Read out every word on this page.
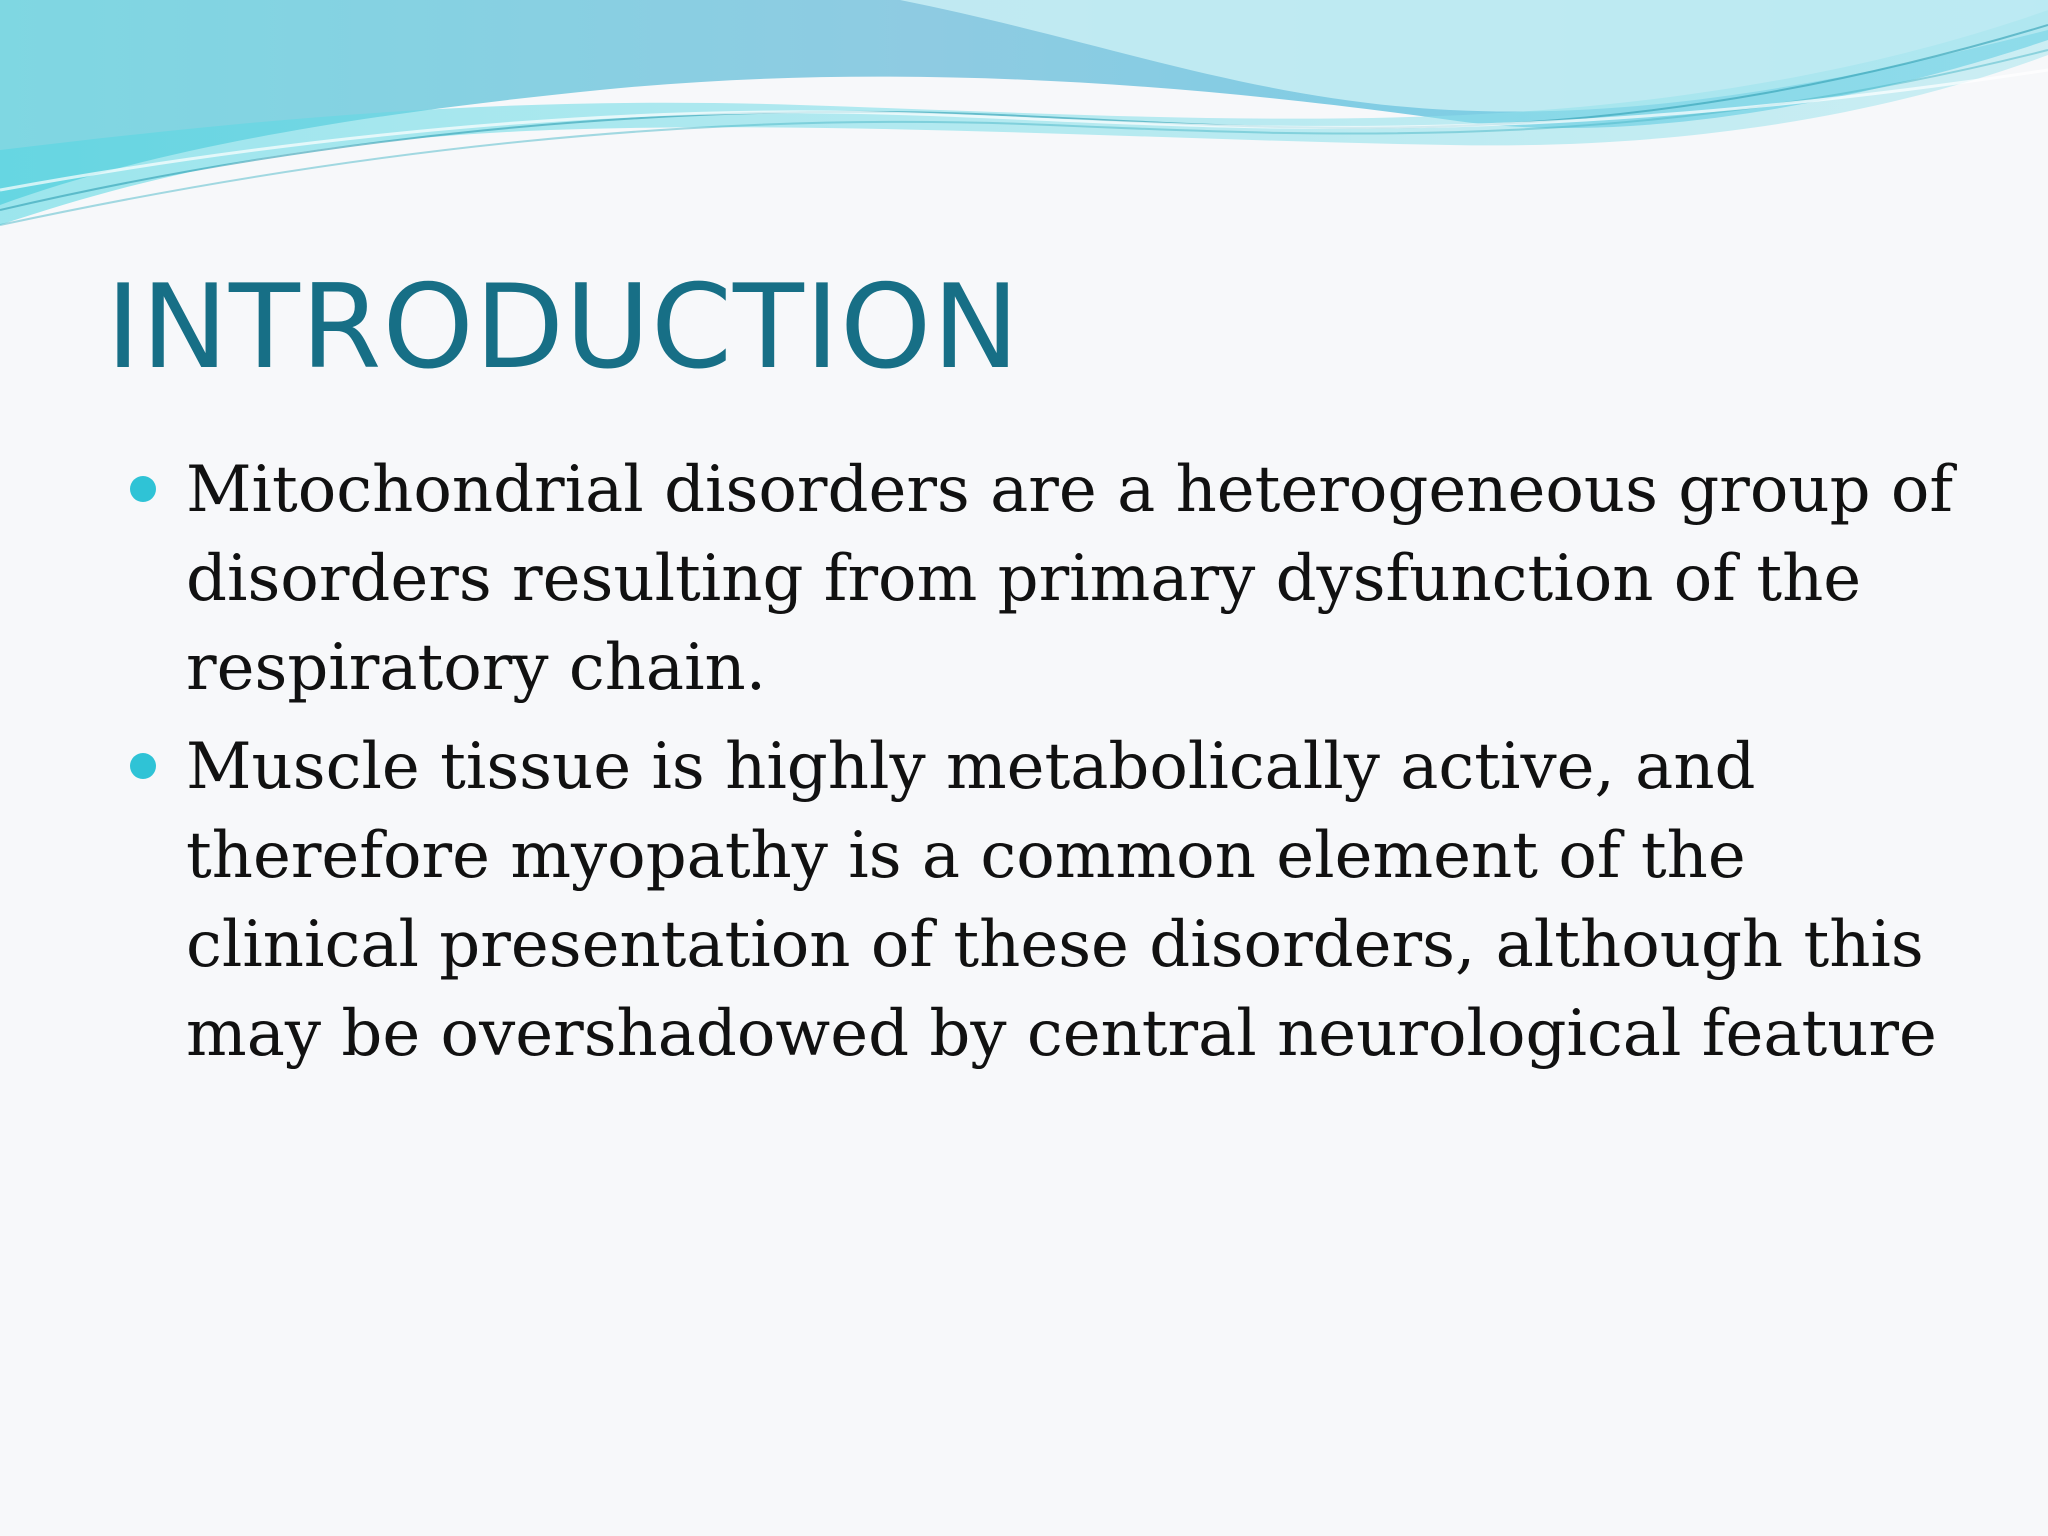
INTRODUCTION
Mitochondrial disorders are a heterogeneous group of disorders resulting from primary dysfunction of the respiratory chain.
Muscle tissue is highly metabolically active, and therefore myopathy is a common element of the clinical presentation of these disorders, although this may be overshadowed by central neurological feature
